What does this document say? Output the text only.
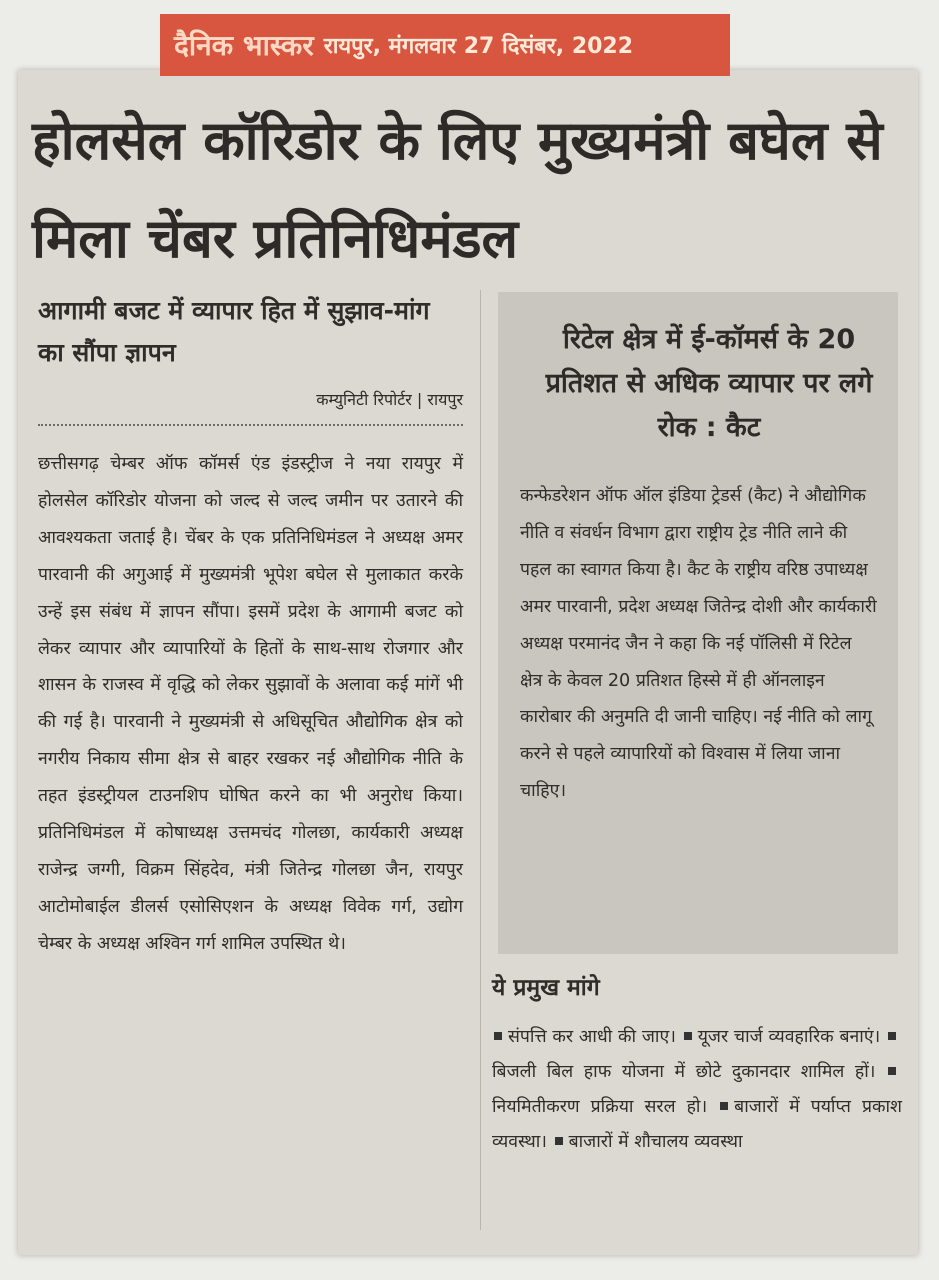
दैनिक भास्कर रायपुर, मंगलवार 27 दिसंबर, 2022
होलसेल कॉरिडोर के लिए मुख्यमंत्री बघेल से मिला चेंबर प्रतिनिधिमंडल
आगामी बजट में व्यापार हित में सुझाव-मांग का सौंपा ज्ञापन
कम्युनिटी रिपोर्टर | रायपुर
छत्तीसगढ़ चेम्बर ऑफ कॉमर्स एंड इंडस्ट्रीज ने नया रायपुर में होलसेल कॉरिडोर योजना को जल्द से जल्द जमीन पर उतारने की आवश्यकता जताई है। चेंबर के एक प्रतिनिधिमंडल ने अध्यक्ष अमर पारवानी की अगुआई में मुख्यमंत्री भूपेश बघेल से मुलाकात करके उन्हें इस संबंध में ज्ञापन सौंपा। इसमें प्रदेश के आगामी बजट को लेकर व्यापार और व्यापारियों के हितों के साथ-साथ रोजगार और शासन के राजस्व में वृद्धि को लेकर सुझावों के अलावा कई मांगें भी की गई है। पारवानी ने मुख्यमंत्री से अधिसूचित औद्योगिक क्षेत्र को नगरीय निकाय सीमा क्षेत्र से बाहर रखकर नई औद्योगिक नीति के तहत इंडस्ट्रीयल टाउनशिप घोषित करने का भी अनुरोध किया। प्रतिनिधिमंडल में कोषाध्यक्ष उत्तमचंद गोलछा, कार्यकारी अध्यक्ष राजेन्द्र जग्गी, विक्रम सिंहदेव, मंत्री जितेन्द्र गोलछा जैन, रायपुर आटोमोबाईल डीलर्स एसोसिएशन के अध्यक्ष विवेक गर्ग, उद्योग चेम्बर के अध्यक्ष अश्विन गर्ग शामिल उपस्थित थे।
रिटेल क्षेत्र में ई-कॉमर्स के 20 प्रतिशत से अधिक व्यापार पर लगे रोक : कैट
कन्फेडरेशन ऑफ ऑल इंडिया ट्रेडर्स (कैट) ने औद्योगिक नीति व संवर्धन विभाग द्वारा राष्ट्रीय ट्रेड नीति लाने की पहल का स्वागत किया है। कैट के राष्ट्रीय वरिष्ठ उपाध्यक्ष अमर पारवानी, प्रदेश अध्यक्ष जितेन्द्र दोशी और कार्यकारी अध्यक्ष परमानंद जैन ने कहा कि नई पॉलिसी में रिटेल क्षेत्र के केवल 20 प्रतिशत हिस्से में ही ऑनलाइन कारोबार की अनुमति दी जानी चाहिए। नई नीति को लागू करने से पहले व्यापारियों को विश्वास में लिया जाना चाहिए।
ये प्रमुख मांगे
संपत्ति कर आधी की जाए। यूजर चार्ज व्यवहारिक बनाएं। बिजली बिल हाफ योजना में छोटे दुकानदार शामिल हों। नियमितीकरण प्रक्रिया सरल हो। बाजारों में पर्याप्त प्रकाश व्यवस्था। बाजारों में शौचालय व्यवस्था
